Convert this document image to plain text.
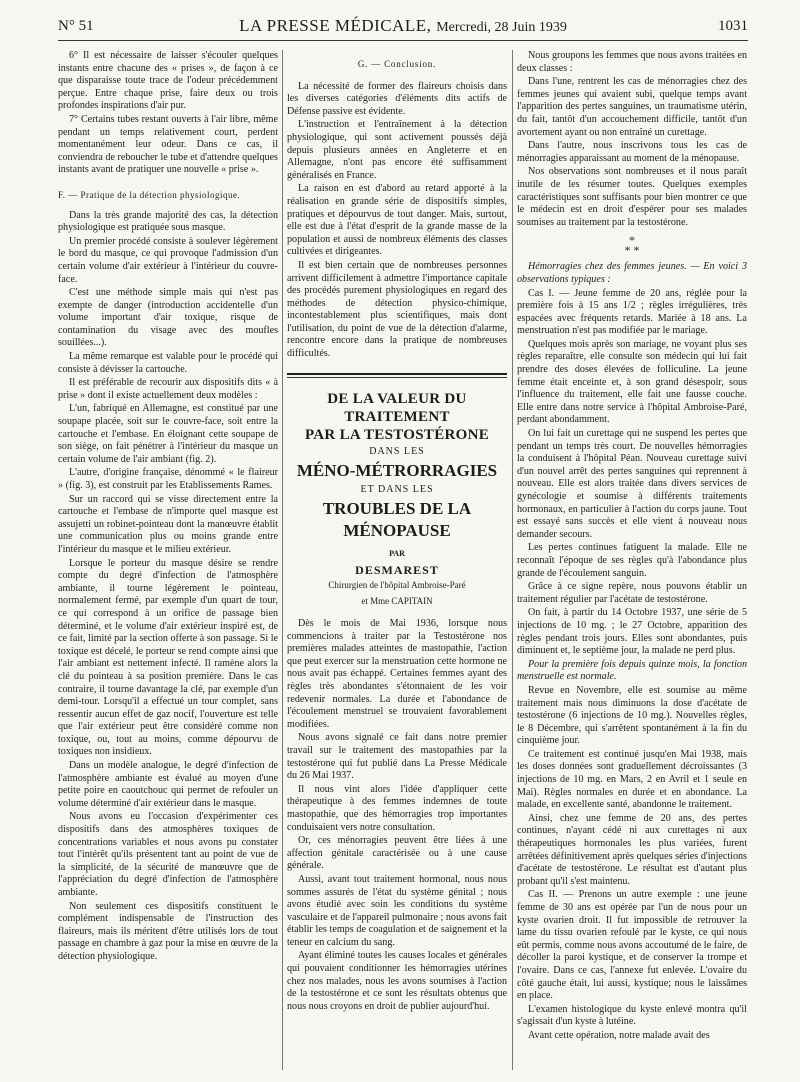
N° 51	LA PRESSE MÉDICALE, Mercredi, 28 Juin 1939	1031

6° Il est nécessaire de laisser s'écouler quelques instants entre chacune des « prises », de façon à ce que disparaisse toute trace de l'odeur précédemment perçue. Entre chaque prise, faire deux ou trois profondes inspirations d'air pur.

7° Certains tubes restant ouverts à l'air libre, même pendant un temps relativement court, perdent momentanément leur odeur. Dans ce cas, il conviendra de reboucher le tube et d'attendre quelques instants avant de pratiquer une nouvelle « prise ».

F. — Pratique de la détection physiologique.

Dans la très grande majorité des cas, la détection physiologique est pratiquée sous masque.

Un premier procédé consiste à soulever légèrement le bord du masque, ce qui provoque l'admission d'un certain volume d'air extérieur à l'intérieur du couvre-face.

C'est une méthode simple mais qui n'est pas exempte de danger (introduction accidentelle d'un volume important d'air toxique, risque de contamination du visage avec des moufles souillées...).

La même remarque est valable pour le procédé qui consiste à dévisser la cartouche.

Il est préférable de recourir aux dispositifs dits « à prise » dont il existe actuellement deux modèles :

L'un, fabriqué en Allemagne, est constitué par une soupape placée, soit sur le couvre-face, soit entre la cartouche et l'embase. En éloignant cette soupape de son siège, on fait pénétrer à l'intérieur du masque un certain volume de l'air ambiant (fig. 2).

L'autre, d'origine française, dénommé « le flaireur » (fig. 3), est construit par les Etablissements Rames.

Sur un raccord qui se visse directement entre la cartouche et l'embase de n'importe quel masque est assujetti un robinet-pointeau dont la manœuvre établit une communication plus ou moins grande entre l'intérieur du masque et le milieu extérieur.

Lorsque le porteur du masque désire se rendre compte du degré d'infection de l'atmosphère ambiante, il tourne légèrement le pointeau, normalement fermé, par exemple d'un quart de tour, ce qui correspond à un orifice de passage bien déterminé, et le volume d'air extérieur inspiré est, de ce fait, limité par la section offerte à son passage. Si le toxique est décelé, le porteur se rend compte ainsi que l'air ambiant est nettement infecté. Il ramène alors la clé du pointeau à sa position première. Dans le cas contraire, il tourne davantage la clé, par exemple d'un demi-tour. Lorsqu'il a effectué un tour complet, sans ressentir aucun effet de gaz nocif, l'ouverture est telle que l'air extérieur peut être considéré comme non toxique, ou, tout au moins, comme dépourvu de toxiques non insidieux.

Dans un modèle analogue, le degré d'infection de l'atmosphère ambiante est évalué au moyen d'une petite poire en caoutchouc qui permet de refouler un volume déterminé d'air extérieur dans le masque.

Nous avons eu l'occasion d'expérimenter ces dispositifs dans des atmosphères toxiques de concentrations variables et nous avons pu constater tout l'intérêt qu'ils présentent tant au point de vue de la simplicité, de la sécurité de manœuvre que de l'appréciation du degré d'infection de l'atmosphère ambiante.

Non seulement ces dispositifs constituent le complément indispensable de l'instruction des flaireurs, mais ils méritent d'être utilisés lors de tout passage en chambre à gaz pour la mise en œuvre de la détection physiologique.

G. — Conclusion.

La nécessité de former des flaireurs choisis dans les diverses catégories d'éléments dits actifs de Défense passive est évidente.

L'instruction et l'entraînement à la détection physiologique, qui sont activement poussés déjà depuis plusieurs années en Angleterre et en Allemagne, n'ont pas encore été suffisamment généralisés en France.

La raison en est d'abord au retard apporté à la réalisation en grande série de dispositifs simples, pratiques et dépourvus de tout danger. Mais, surtout, elle est due à l'état d'esprit de la grande masse de la population et aussi de nombreux éléments des classes cultivées et dirigeantes.

Il est bien certain que de nombreuses personnes arrivent difficilement à admettre l'importance capitale des procédés purement physiologiques en regard des méthodes de détection physico-chimique, incontestablement plus scientifiques, mais dont l'utilisation, du point de vue de la détection d'alarme, rencontre encore dans la pratique de nombreuses difficultés.

DE LA VALEUR DU TRAITEMENT
PAR LA TESTOSTÉRONE
DANS LES
MÉNO-MÉTRORRAGIES
ET DANS LES
TROUBLES DE LA MÉNOPAUSE
PAR
DESMAREST
Chirurgien de l'hôpital Ambroise-Paré
et Mme CAPITAIN

Dès le mois de Mai 1936, lorsque nous commencions à traiter par la Testostérone nos premières malades atteintes de mastopathie, l'action que peut exercer sur la menstruation cette hormone ne nous avait pas échappé. Certaines femmes ayant des règles très abondantes s'étonnaient de les voir redevenir normales. La durée et l'abondance de l'écoulement menstruel se trouvaient favorablement modifiées.

Nous avons signalé ce fait dans notre premier travail sur le traitement des mastopathies par la testostérone qui fut publié dans La Presse Médicale du 26 Mai 1937.

Il nous vint alors l'idée d'appliquer cette thérapeutique à des femmes indemnes de toute mastopathie, que des hémorragies trop importantes conduisaient vers notre consultation.

Or, ces ménorragies peuvent être liées à une affection génitale caractérisée ou à une cause générale.

Aussi, avant tout traitement hormonal, nous nous sommes assurés de l'état du système génital ; nous avons étudié avec soin les conditions du système vasculaire et de l'appareil pulmonaire ; nous avons fait établir les temps de coagulation et de saignement et la teneur en calcium du sang.

Ayant éliminé toutes les causes locales et générales qui pouvaient conditionner les hémorragies utérines chez nos malades, nous les avons soumises à l'action de la testostérone et ce sont les résultats obtenus que nous nous croyons en droit de publier aujourd'hui.

Nous groupons les femmes que nous avons traitées en deux classes :

Dans l'une, rentrent les cas de ménorragies chez des femmes jeunes qui avaient subi, quelque temps avant l'apparition des pertes sanguines, un traumatisme utérin, du fait, tantôt d'un accouchement difficile, tantôt d'un avortement ayant ou non entraîné un curettage.

Dans l'autre, nous inscrivons tous les cas de ménorragies apparaissant au moment de la ménopause.

Nos observations sont nombreuses et il nous paraît inutile de les résumer toutes. Quelques exemples caractéristiques sont suffisants pour bien montrer ce que le médecin est en droit d'espérer pour ses malades soumises au traitement par la testostérone.

*
* *

Hémorragies chez des femmes jeunes. — En voici 3 observations typiques :

Cas I. — Jeune femme de 20 ans, réglée pour la première fois à 15 ans 1/2 ; règles irrégulières, très espacées avec fréquents retards. Mariée à 18 ans. La menstruation n'est pas modifiée par le mariage.

Quelques mois après son mariage, ne voyant plus ses règles reparaître, elle consulte son médecin qui lui fait prendre des doses élevées de folliculine. La jeune femme était enceinte et, à son grand désespoir, sous l'influence du traitement, elle fait une fausse couche. Elle entre dans notre service à l'hôpital Ambroise-Paré, perdant abondamment.

On lui fait un curettage qui ne suspend les pertes que pendant un temps très court. De nouvelles hémorragies la conduisent à l'hôpital Péan. Nouveau curettage suivi d'un nouvel arrêt des pertes sanguines qui reprennent à nouveau. Elle est alors traitée dans divers services de gynécologie et soumise à différents traitements hormonaux, en particulier à l'action du corps jaune. Tout est essayé sans succès et elle vient à nouveau nous demander secours.

Les pertes continues fatiguent la malade. Elle ne reconnaît l'époque de ses règles qu'à l'abondance plus grande de l'écoulement sanguin.

Grâce à ce signe repère, nous pouvons établir un traitement régulier par l'acétate de testostérone.

On fait, à partir du 14 Octobre 1937, une série de 5 injections de 10 mg. ; le 27 Octobre, apparition des règles pendant trois jours. Elles sont abondantes, puis diminuent et, le septième jour, la malade ne perd plus.

Pour la première fois depuis quinze mois, la fonction menstruelle est normale.

Revue en Novembre, elle est soumise au même traitement mais nous diminuons la dose d'acétate de testostérone (6 injections de 10 mg.). Nouvelles règles, le 8 Décembre, qui s'arrêtent spontanément à la fin du cinquième jour.

Ce traitement est continué jusqu'en Mai 1938, mais les doses données sont graduellement décroissantes (3 injections de 10 mg. en Mars, 2 en Avril et 1 seule en Mai). Règles normales en durée et en abondance. La malade, en excellente santé, abandonne le traitement.

Ainsi, chez une femme de 20 ans, des pertes continues, n'ayant cédé ni aux curettages ni aux thérapeutiques hormonales les plus variées, furent arrêtées définitivement après quelques séries d'injections d'acétate de testostérone. Le résultat est d'autant plus probant qu'il s'est maintenu.

Cas II. — Prenons un autre exemple : une jeune femme de 30 ans est opérée par l'un de nous pour un kyste ovarien droit. Il fut impossible de retrouver la lame du tissu ovarien refoulé par le kyste, ce qui nous eût permis, comme nous avons accoutumé de le faire, de décoller la paroi kystique, et de conserver la trompe et l'ovaire. Dans ce cas, l'annexe fut enlevée. L'ovaire du côté gauche était, lui aussi, kystique; nous le laissâmes en place.

L'examen histologique du kyste enlevé montra qu'il s'agissait d'un kyste à lutéine.

Avant cette opération, notre malade avait des
